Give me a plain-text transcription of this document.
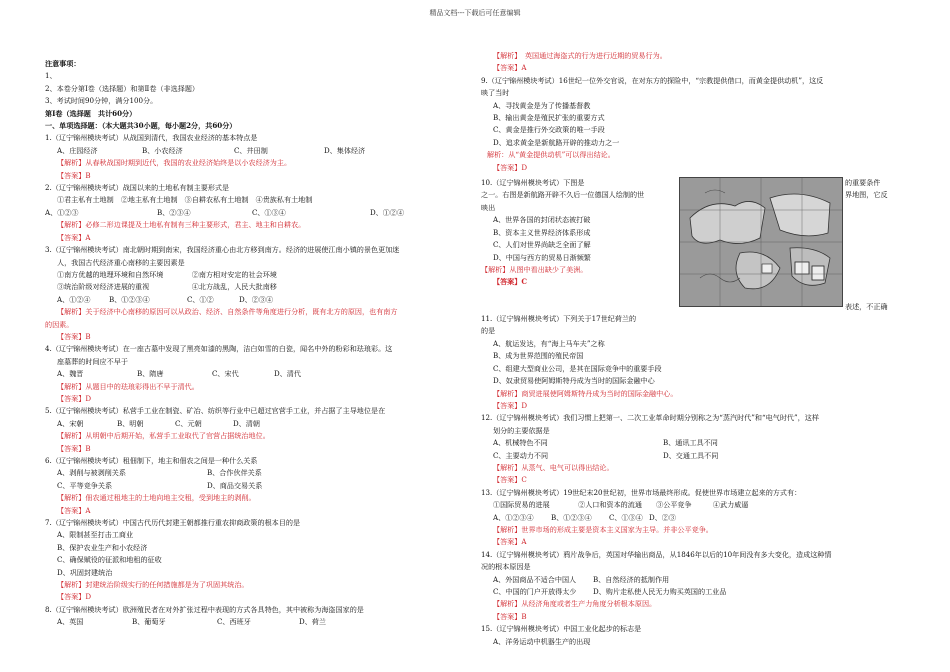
精品文档---下载后可任意编辑
注意事项：
1、
2、本卷分第Ⅰ卷（选择题）和第Ⅱ卷（非选择题）
3、考试时间90分钟，满分100分。
第Ⅰ卷（选择题　共计60分）
一、单项选择题：（本大题共30小题，每小题2分，共60分）
1.（辽宁锦州模块考试）从战国到清代，我国农业经济的基本特点是
A、庄园经济	B、小农经济	C、井田制	D、集体经济
【解析】从春秋战国时期到近代，我国的农业经济始终是以小农经济为主。
【答案】B
2.（辽宁锦州模块考试）战国以来的土地私有制主要形式是
①君主私有土地制　②地主私有土地制　③自耕农私有土地制　④贵族私有土地制
A、①②③	B、②③④	C、①③④	D、①②④
【解析】必修二形边课提及土地私有制有三种主要形式，君主、地主和自耕农。
【答案】A
3.（辽宁锦州模块考试）南北朝时期到南宋，我国经济重心由北方移到南方。经济的进展使江南小镇的景色更加迷
人，我国古代经济重心南移的主要因素是
①南方优越的地理环境和自然环境　　　　②南方相对安定的社会环境
③统治阶级对经济进展的重视　　　　　　④北方战乱，人民大批南移
A、①②④	B、①②③④	C、①②	D、②③④
【解析】关于经济中心南移的原因可以从政治、经济、自然条件等角度进行分析，既有北方的原因，也有南方
的因素。
【答案】B
4.（辽宁锦州模块考试）在一座古墓中发现了黑亮如漆的黑陶，洁白如雪的白瓷，闻名中外的粉彩和珐琅彩。这
座墓葬的时间应不早于
A、魏晋	B、隋唐	C、宋代	D、清代
【解析】从题目中的珐琅彩得出不早于清代。
【答案】D
5.（辽宁锦州模块考试）私营手工业在制瓷、矿冶、纺织等行业中已超过官营手工业，并占据了主导地位是在
A、宋朝	B、明朝	C、元朝	D、清朝
【解析】从明朝中后期开始，私营手工业取代了官营占据统治地位。
【答案】B
6.（辽宁锦州模块考试）租佃制下，地主和佃农之间是一种什么关系
A、剥削与被剥削关系	B、合作伙伴关系
C、平等竞争关系	D、商品交易关系
【解析】佃农通过租地主的土地向地主交租，受到地主的剥削。
【答案】A
7.（辽宁锦州模块考试）中国古代历代封建王朝都推行重农抑商政策的根本目的是
A、限制甚至打击工商业
B、保护农业生产和小农经济
C、确保赋役的征派和地租的征收
D、巩固封建统治
【解析】封建统治阶级实行的任何措施都是为了巩固其统治。
【答案】D
8.（辽宁锦州模块考试）欧洲殖民者在对外扩张过程中表现的方式各具特色，其中被称为海盗国家的是
A、英国	B、葡萄牙	C、西班牙	D、荷兰
【解析】　英国通过海盗式的行为进行近期的贸易行为。
【答案】A
9.（辽宁锦州模块考试）16世纪一位外交官说，在对东方的探险中，“宗教提供借口，而黄金提供动机”，这反
映了当时
A、寻找黄金是为了传播基督教
B、输出黄金是殖民扩张的重要方式
C、黄金是推行外交政策的唯一手段
D、追求黄金是新航路开辟的推动力之一
解析：从“黄金提供动机”可以得出结论。
【答案】D
10.（辽宁锦州模块考试）下图是
之一。右图是新航路开辟不久后一位德国人绘制的世
映出
A、世界各国的封闭状态被打破
B、资本主义世界经济体系形成
C、人们对世界尚缺乏全面了解
D、中国与西方的贸易日渐频繁
【解析】从图中看出缺少了美洲。
【答案】C
的重要条件
界地图，它反
表述，不正确
11.（辽宁锦州模块考试）下列关于17世纪荷兰的
的是
A、航运发达，有“海上马车夫”之称
B、成为世界范围的殖民帝国
C、组建大型商业公司，是其在国际竞争中的重要手段
D、奴隶贸易使阿姆斯特丹成为当时的国际金融中心
【解析】商贸进展使阿姆斯特丹成为当时的国际金融中心。
【答案】D
12.（辽宁锦州模块考试）我们习惯上把第一、二次工业革命时期分别称之为“蒸汽时代”和“电气时代”，这样
划分的主要依据是
A、机械特色不同	B、通讯工具不同
C、主要动力不同	D、交通工具不同
【解析】从蒸气、电气可以得出结论。
【答案】C
13.（辽宁锦州模块考试）19世纪末20世纪初，世界市场最终形成。促使世界市场建立起来的方式有：
①国际贸易的进展　　　　②人口和资本的流通　　③公平竞争　　　④武力威逼
A、①②③④	B、①②③④	C、①③④ D、②③
【解析】世界市场的形成主要是资本主义国家为主导。并非公平竞争。
【答案】A
14.（辽宁锦州模块考试）鸦片战争后，英国对华输出商品，从1846年以后的10年间没有多大变化，造成这种情
况的根本原因是
A、外国商品不适合中国人	B、自然经济的抵制作用
C、中国的门户开放得太少	D、购片走私使人民无力购买英国的工业品
【解析】从经济角度或者生产力角度分析根本原因。
【答案】B
15.（辽宁锦州模块考试）中国工业化起步的标志是
A、洋务运动中机器生产的出现
